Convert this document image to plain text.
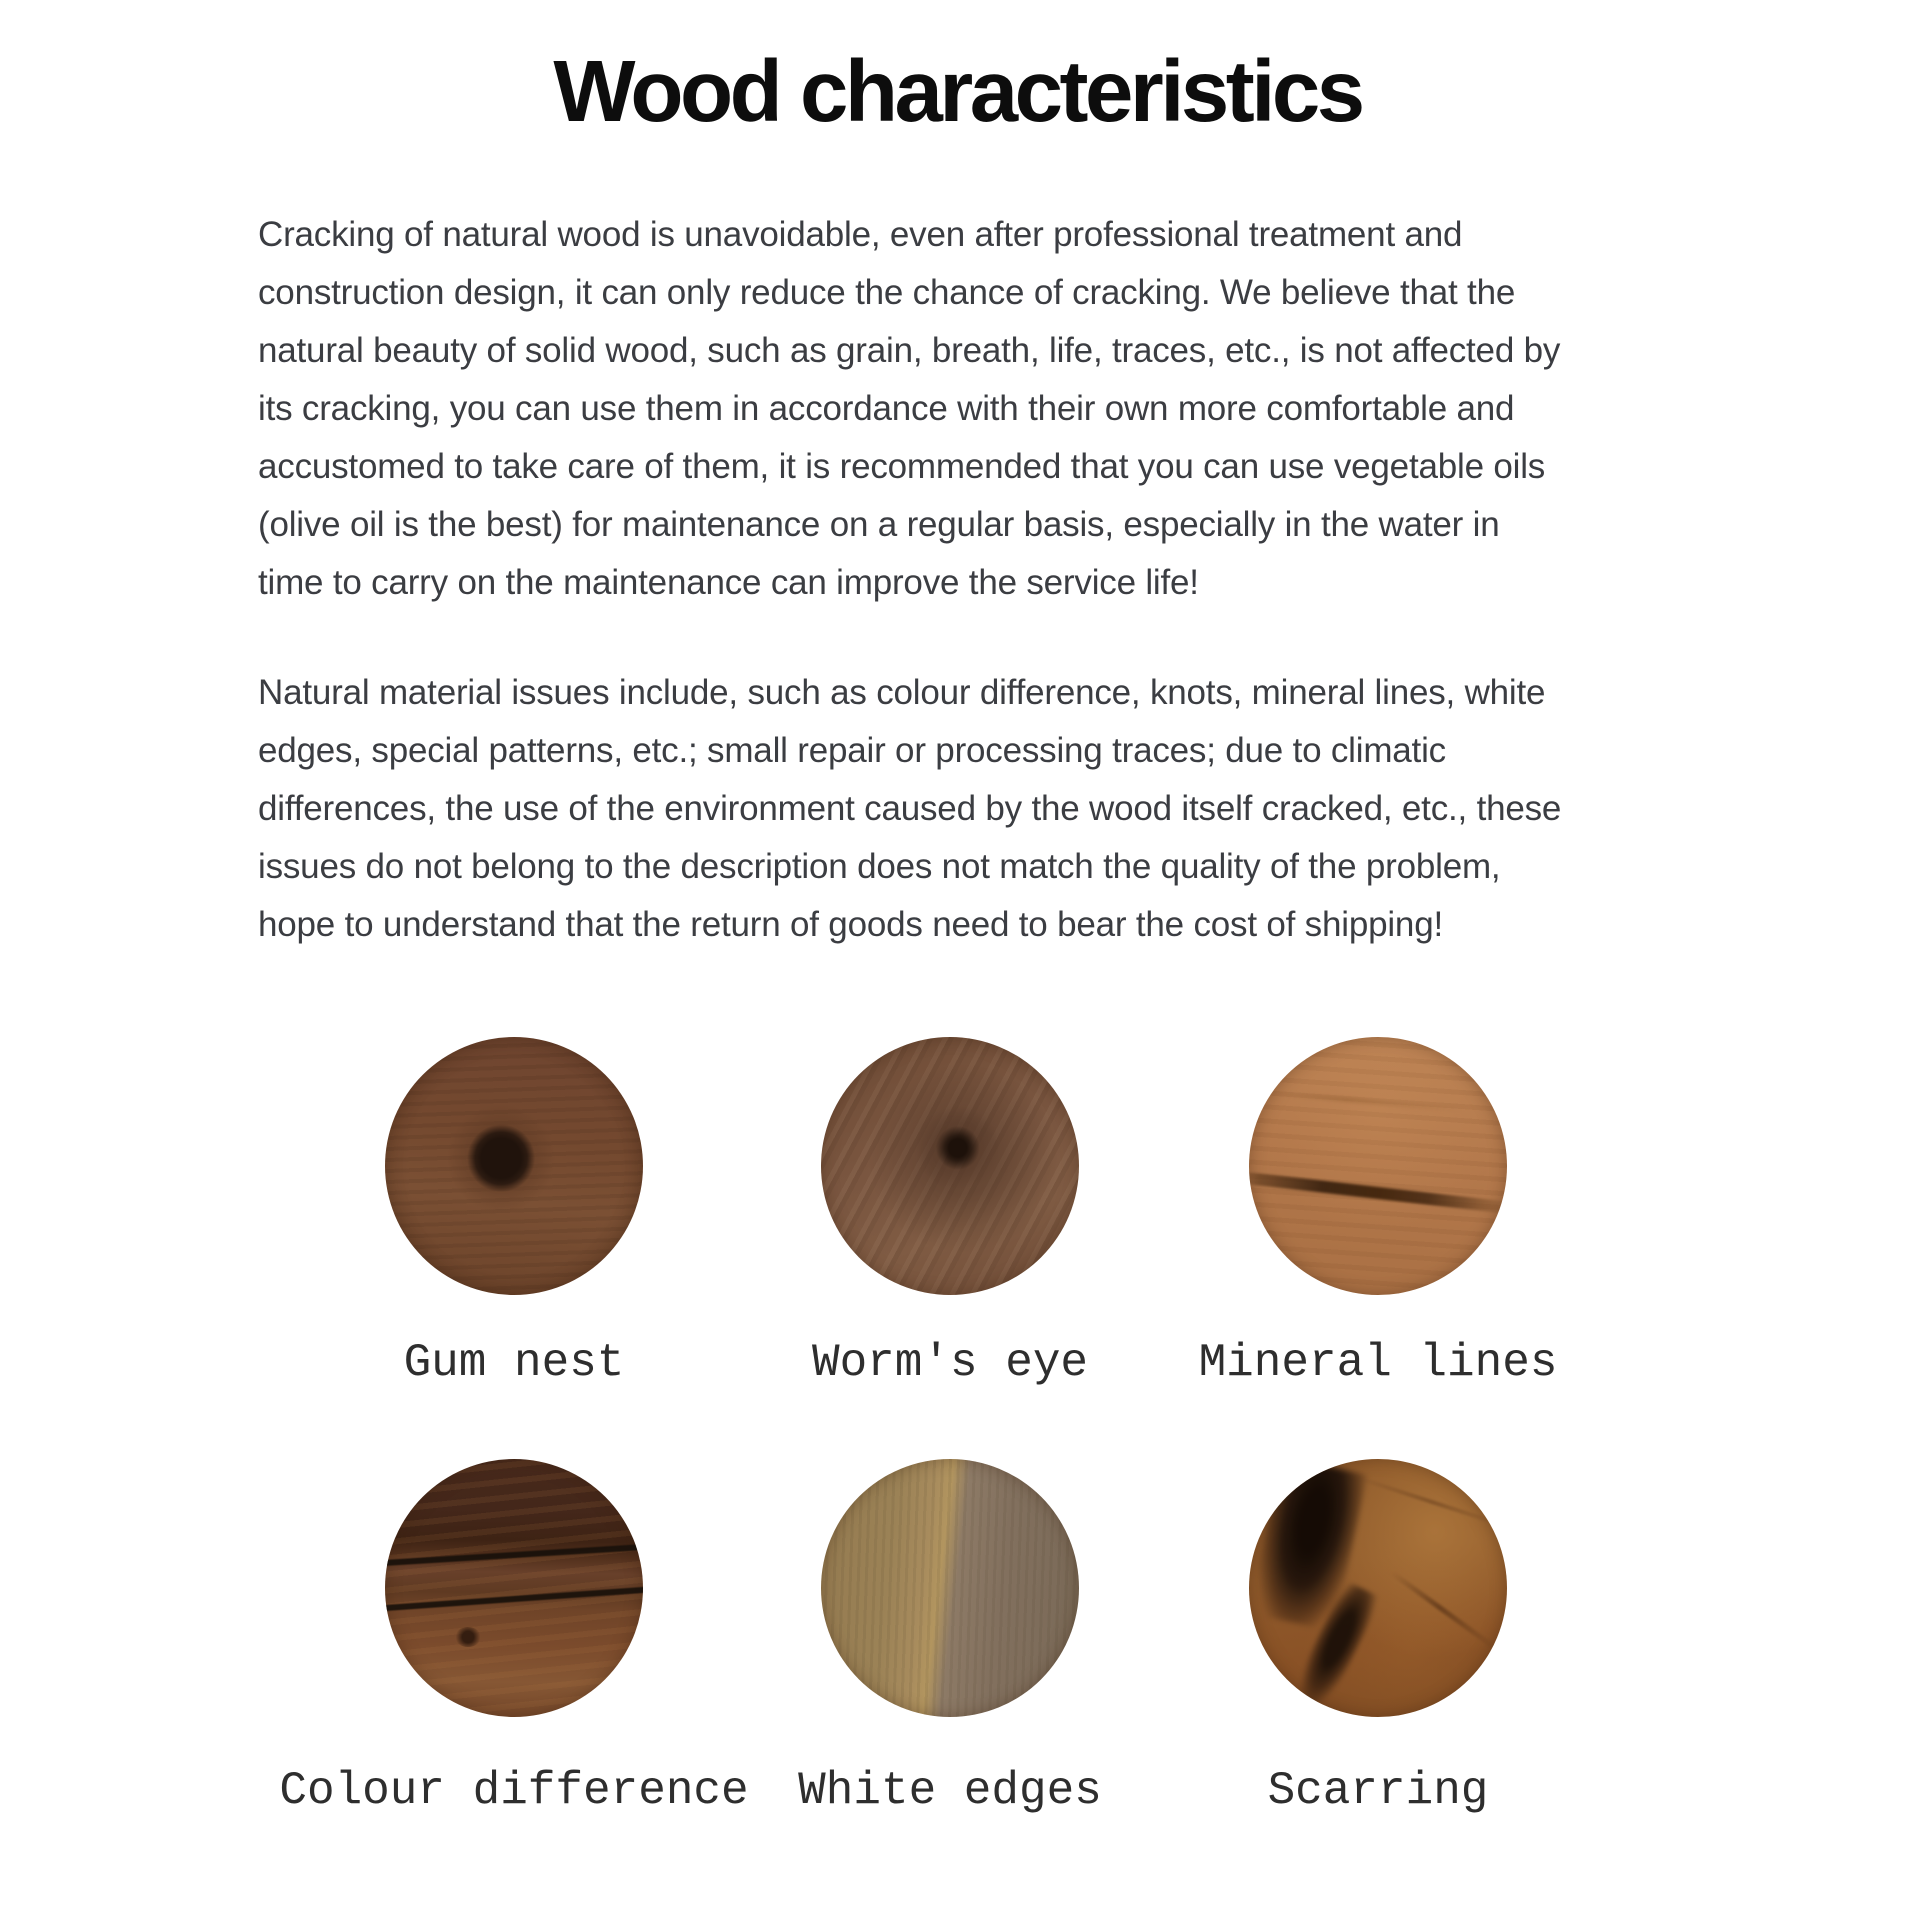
Wood characteristics
Cracking of natural wood is unavoidable, even after professional treatment and
construction design, it can only reduce the chance of cracking. We believe that the
natural beauty of solid wood, such as grain, breath, life, traces, etc., is not affected by
its cracking, you can use them in accordance with their own more comfortable and
accustomed to take care of them, it is recommended that you can use vegetable oils
(olive oil is the best) for maintenance on a regular basis, especially in the water in
time to carry on the maintenance can improve the service life!
Natural material issues include, such as colour difference, knots, mineral lines, white
edges, special patterns, etc.; small repair or processing traces; due to climatic
differences, the use of the environment caused by the wood itself cracked, etc., these
issues do not belong to the description does not match the quality of the problem,
hope to understand that the return of goods need to bear the cost of shipping!
Gum nest	Worm's eye Mineral lines
Colour difference White edges	Scarring
